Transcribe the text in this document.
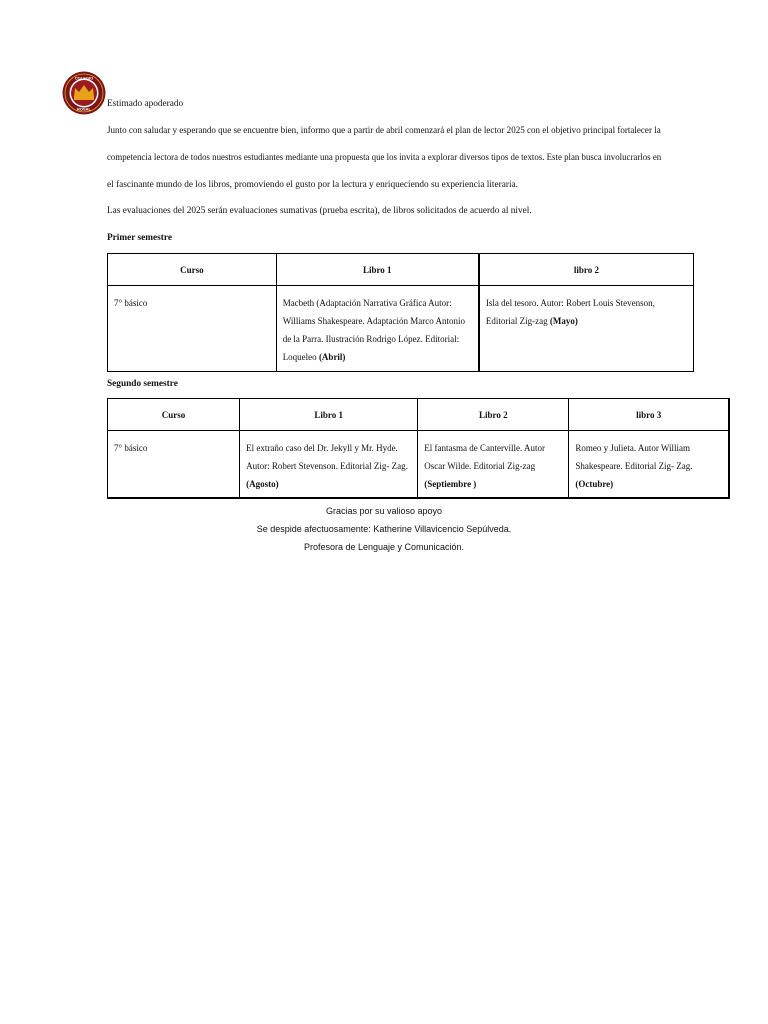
COLEGIO
ROSAL Estimado apoderado
Junto con saludar y esperando que se encuentre bien, informo que a partir de abril comenzará el plan de lector 2025 con el objetivo principal fortalecer la
competencia lectora de todos nuestros estudiantes mediante una propuesta que los invita a explorar diversos tipos de textos. Este plan busca involucrarlos en
el fascinante mundo de los libros, promoviendo el gusto por la lectura y enriqueciendo su experiencia literaria.
Las evaluaciones del 2025 serán evaluaciones sumativas (prueba escrita), de libros solicitados de acuerdo al nivel.
Primer semestre
Curso	Libro 1	libro 2
7° básico	Macbeth (Adaptación Narrativa Gráfica Autor: Williams Shakespeare. Adaptación Marco Antonio de la Parra. Ilustración Rodrigo López. Editorial: Loqueleo (Abril)	Isla del tesoro. Autor: Robert Louis Stevenson, Editorial Zig-zag (Mayo)
Segundo semestre
Curso	Libro 1	Libro 2	libro 3
7° básico	El extraño caso del Dr. Jekyll y Mr. Hyde. Autor: Robert Stevenson. Editorial Zig- Zag. (Agosto)	El fantasma de Canterville. Autor Oscar Wilde. Editorial Zig-zag (Septiembre )	Romeo y Julieta. Autor William Shakespeare. Editorial Zig- Zag. (Octubre)
Gracias por su valioso apoyo
Se despide afectuosamente: Katherine Villavicencio Sepúlveda.
Profesora de Lenguaje y Comunicación.
